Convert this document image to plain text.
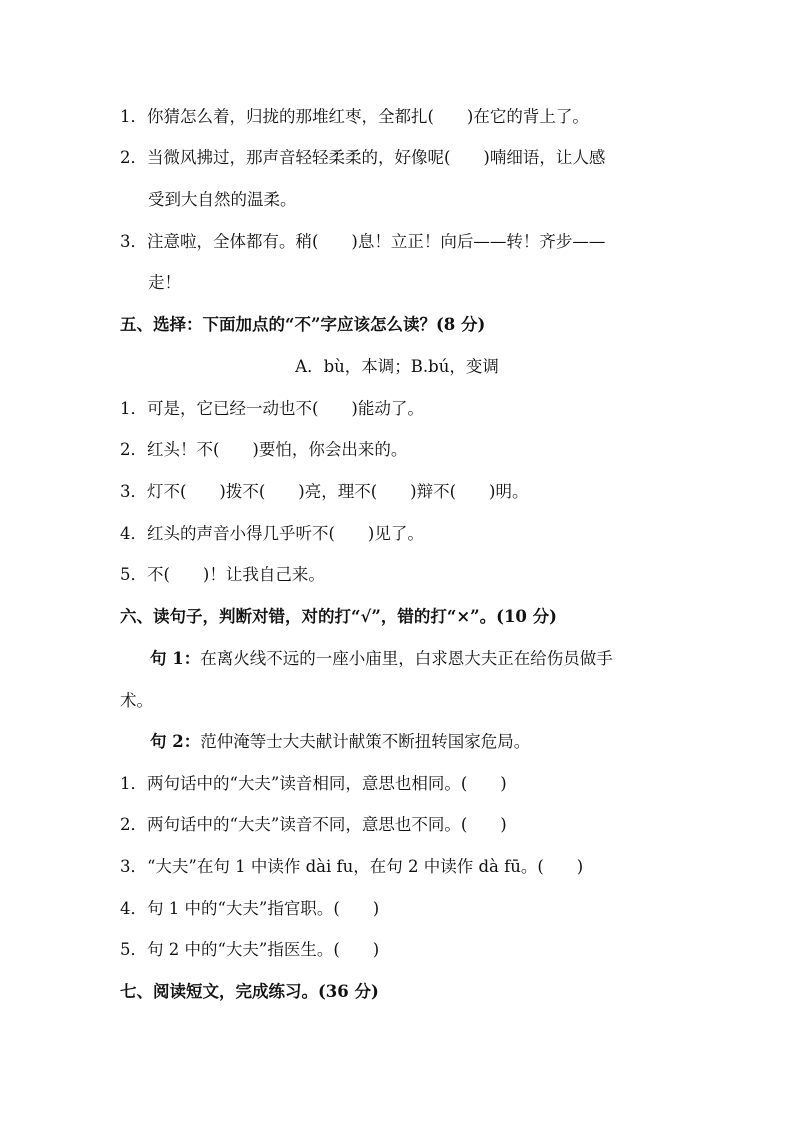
1．你猜怎么着，归拢的那堆红枣，全都扎(　　)在它的背上了。
2．当微风拂过，那声音轻轻柔柔的，好像呢(　　)喃细语，让人感
受到大自然的温柔。
3．注意啦，全体都有。稍(　　)息！立正！向后——转！齐步——
走！
五、选择：下面加点的“不”字应该怎么读？(8 分)
A．bù，本调；B.bú，变调
1．可是，它已经一动也不(　　)能动了。
2．红头！不(　　)要怕，你会出来的。
3．灯不(　　)拨不(　　)亮，理不(　　)辩不(　　)明。
4．红头的声音小得几乎听不(　　)见了。
5．不(　　)！让我自己来。
六、读句子，判断对错，对的打“√”，错的打“×”。(10 分)
句 1：在离火线不远的一座小庙里，白求恩大夫正在给伤员做手
术。
句 2：范仲淹等士大夫献计献策不断扭转国家危局。
1．两句话中的“大夫”读音相同，意思也相同。(　　)
2．两句话中的“大夫”读音不同，意思也不同。(　　)
3．“大夫”在句 1 中读作 dài fu，在句 2 中读作 dà fū。(　　)
4．句 1 中的“大夫”指官职。(　　)
5．句 2 中的“大夫”指医生。(　　)
七、阅读短文，完成练习。(36 分)
